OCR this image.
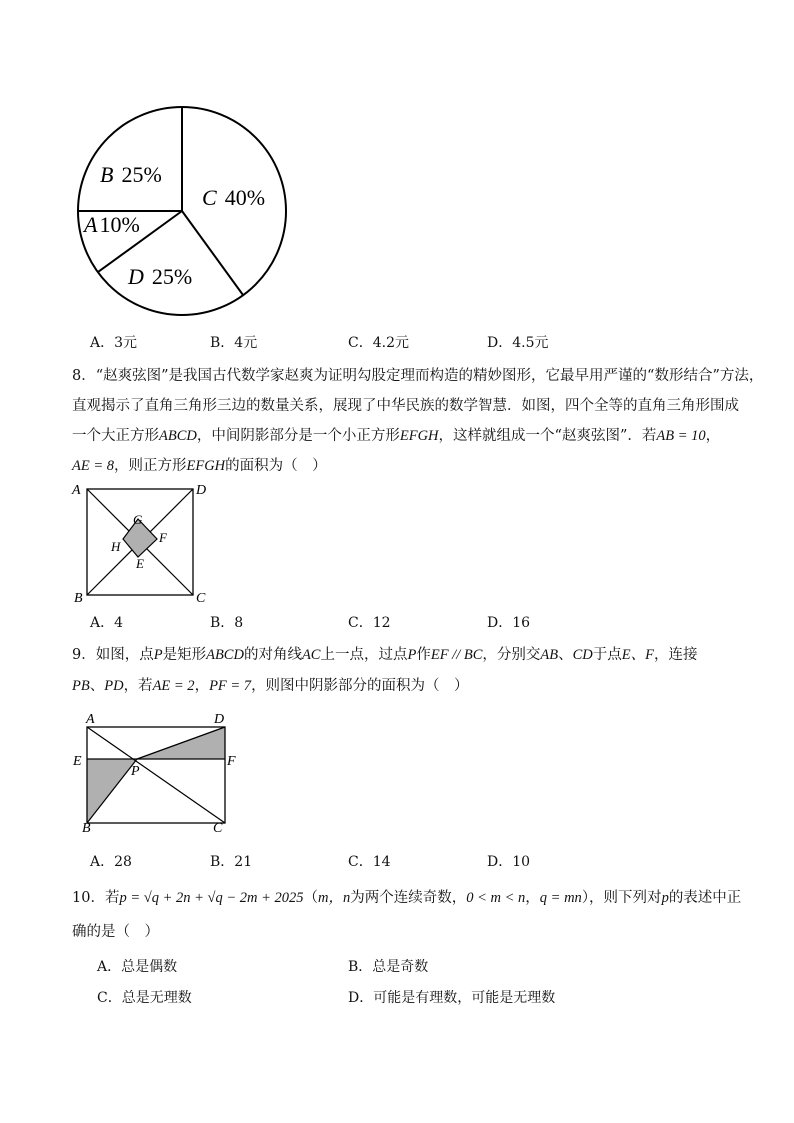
B 25%
C 40%
A10%
D 25%
A．3元	B．4元	C．4.2元	D．4.5元
8．“赵爽弦图”是我国古代数学家赵爽为证明勾股定理而构造的精妙图形，它最早用严谨的“数形结合”方法，
直观揭示了直角三角形三边的数量关系，展现了中华民族的数学智慧．如图，四个全等的直角三角形围成
一个大正方形ABCD，中间阴影部分是一个小正方形EFGH，这样就组成一个“赵爽弦图”．若AB = 10，
AE = 8，则正方形EFGH的面积为（　）
A	D
B	C
G
F
H
E
A．4	B．8	C．12	D．16
9．如图，点P是矩形ABCD的对角线AC上一点，过点P作EF // BC，分别交AB、CD于点E、F，连接
PB、PD，若AE = 2，PF = 7，则图中阴影部分的面积为（　）
A	D
E	F
P
B	C
A．28	B．21	C．14	D．10
10．若p = √q + 2n + √q − 2m + 2025（m，n为两个连续奇数，0 < m < n，q = mn），则下列对p的表述中正
确的是（　）
A．总是偶数	B．总是奇数
C．总是无理数	D．可能是有理数，可能是无理数
